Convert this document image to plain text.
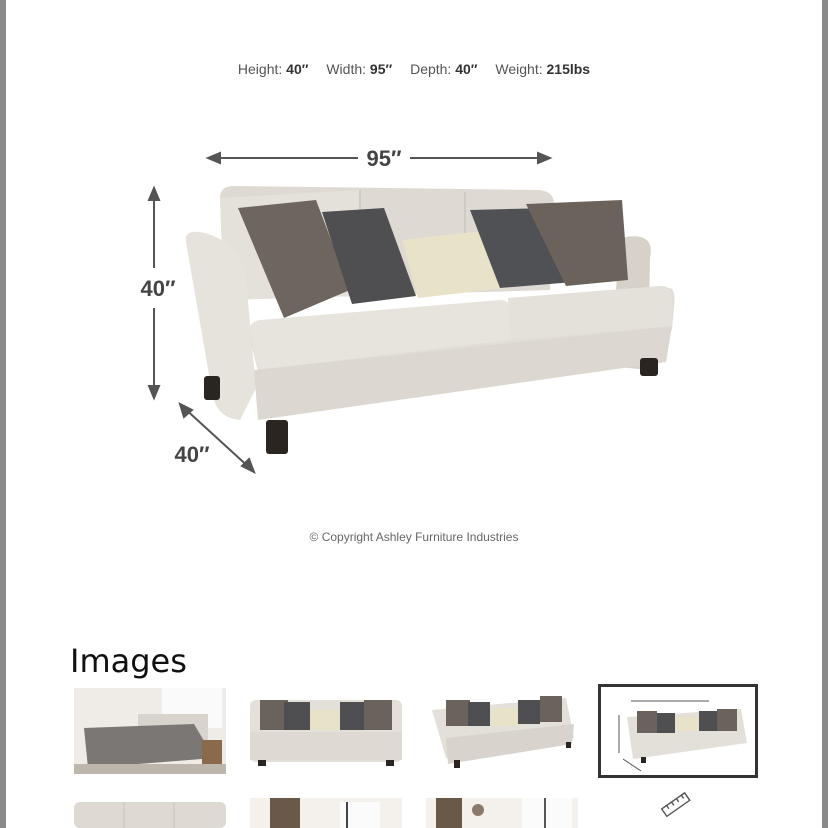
Height: 40″ Width: 95″ Depth: 40″ Weight: 215lbs
95″
40″
40″
© Copyright Ashley Furniture Industries
Images
